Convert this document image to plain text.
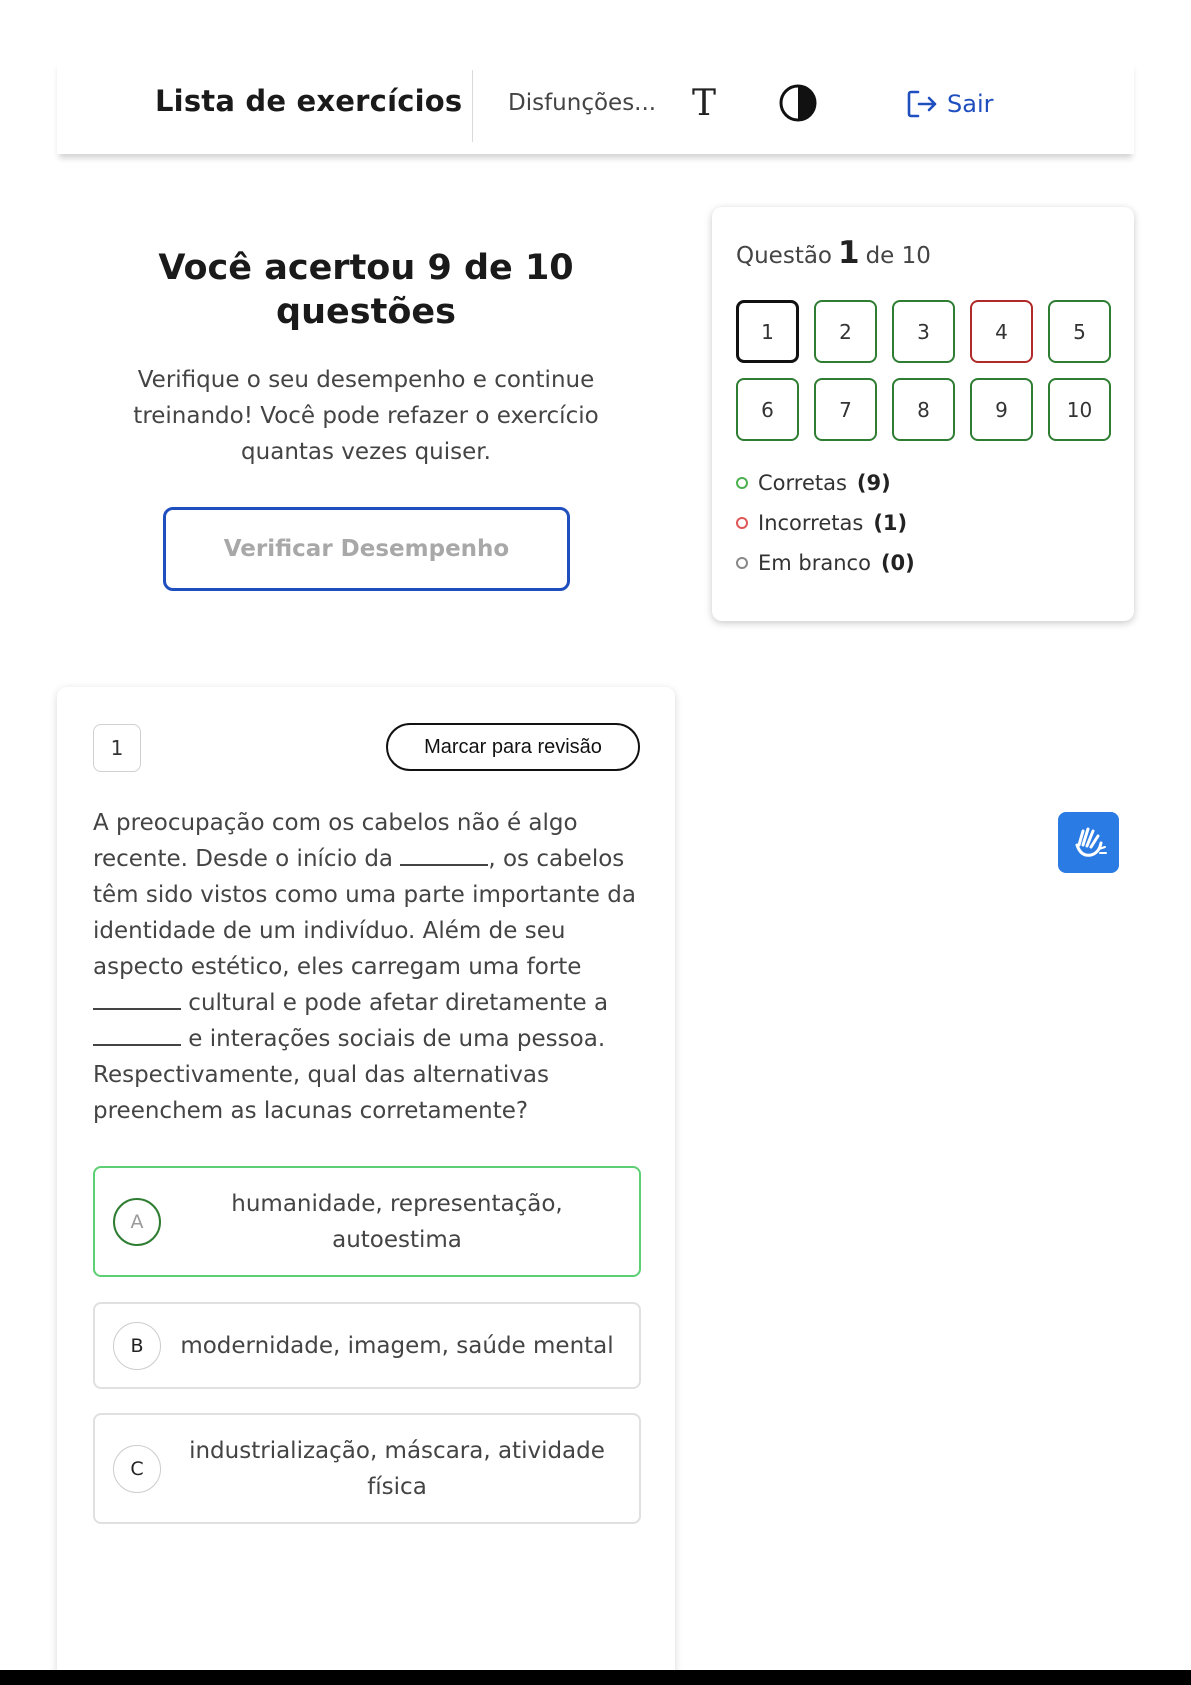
Lista de exercícios Disfunções... T	Sair
Você acertou 9 de 10 questões
Verifique o seu desempenho e continue treinando! Você pode refazer o exercício quantas vezes quiser.
Verificar Desempenho
Questão 1 de 10
1	2	3	4	5
6	7	8	9	10
Corretas (9)
Incorretas (1)
Em branco (0)
1	Marcar para revisão
A preocupação com os cabelos não é algo recente. Desde o início da	, os cabelos têm sido vistos como uma parte importante da identidade de um indivíduo. Além de seu aspecto estético, eles carregam uma forte
cultural e pode afetar diretamente a
e interações sociais de uma pessoa. Respectivamente, qual das alternativas preenchem as lacunas corretamente?
A
humanidade, representação, autoestima
B	modernidade, imagem, saúde mental
C
industrialização, máscara, atividade física
